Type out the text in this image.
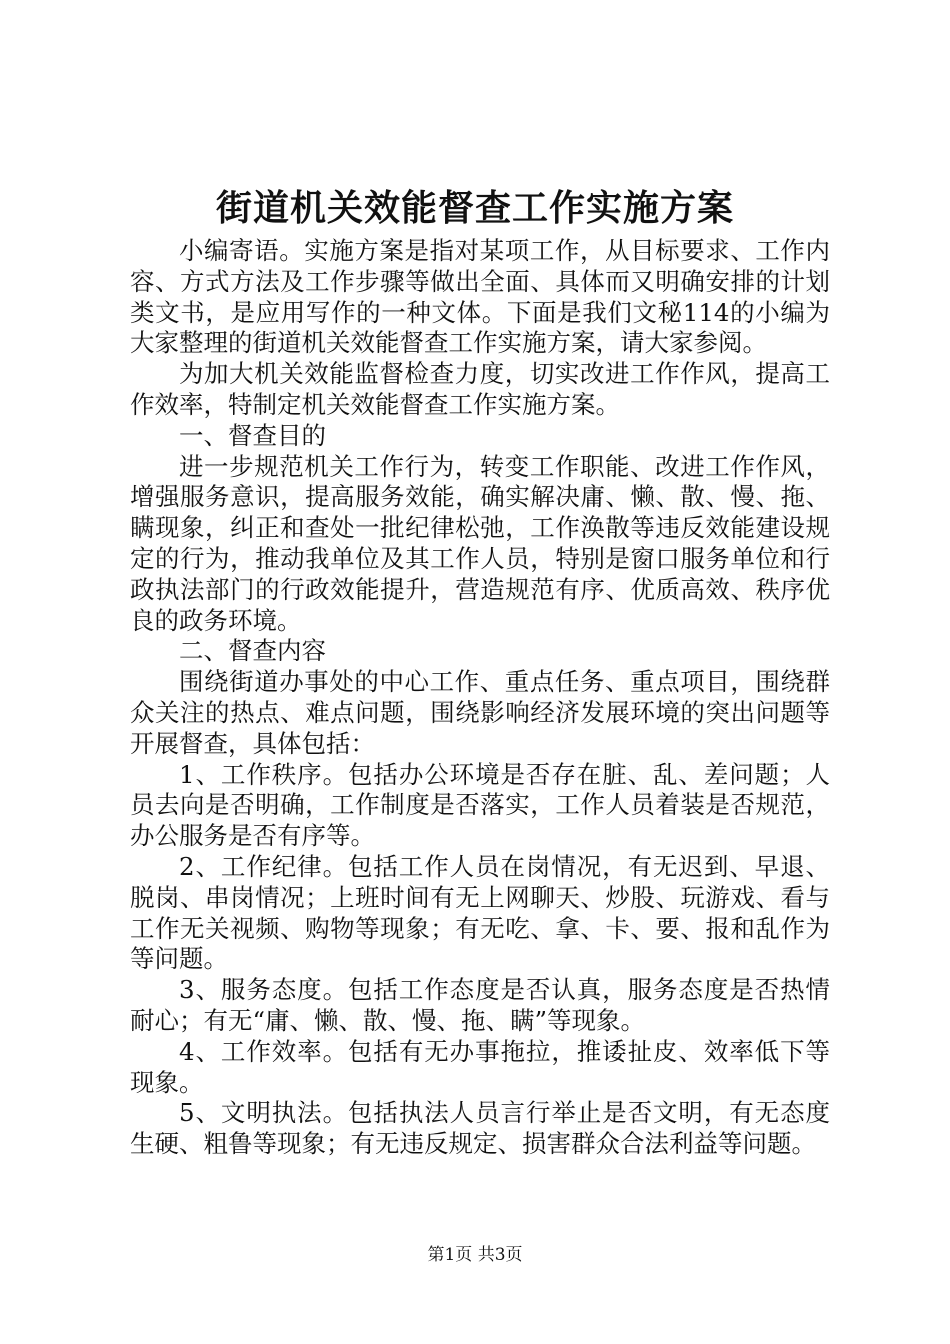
街道机关效能督查工作实施方案

小编寄语。实施方案是指对某项工作，从目标要求、工作内容、方式方法及工作步骤等做出全面、具体而又明确安排的计划类文书，是应用写作的一种文体。下面是我们文秘114的小编为大家整理的街道机关效能督查工作实施方案，请大家参阅。

为加大机关效能监督检查力度，切实改进工作作风，提高工作效率，特制定机关效能督查工作实施方案。

一、督查目的

进一步规范机关工作行为，转变工作职能、改进工作作风，增强服务意识，提高服务效能，确实解决庸、懒、散、慢、拖、瞒现象，纠正和查处一批纪律松弛，工作涣散等违反效能建设规定的行为，推动我单位及其工作人员，特别是窗口服务单位和行政执法部门的行政效能提升，营造规范有序、优质高效、秩序优良的政务环境。

二、督查内容

围绕街道办事处的中心工作、重点任务、重点项目，围绕群众关注的热点、难点问题，围绕影响经济发展环境的突出问题等开展督查，具体包括：

1、工作秩序。包括办公环境是否存在脏、乱、差问题；人员去向是否明确，工作制度是否落实，工作人员着装是否规范，办公服务是否有序等。

2、工作纪律。包括工作人员在岗情况，有无迟到、早退、脱岗、串岗情况；上班时间有无上网聊天、炒股、玩游戏、看与工作无关视频、购物等现象；有无吃、拿、卡、要、报和乱作为等问题。

3、服务态度。包括工作态度是否认真，服务态度是否热情耐心；有无“庸、懒、散、慢、拖、瞒”等现象。

4、工作效率。包括有无办事拖拉，推诿扯皮、效率低下等现象。

5、文明执法。包括执法人员言行举止是否文明，有无态度生硬、粗鲁等现象；有无违反规定、损害群众合法利益等问题。

第1页 共3页
